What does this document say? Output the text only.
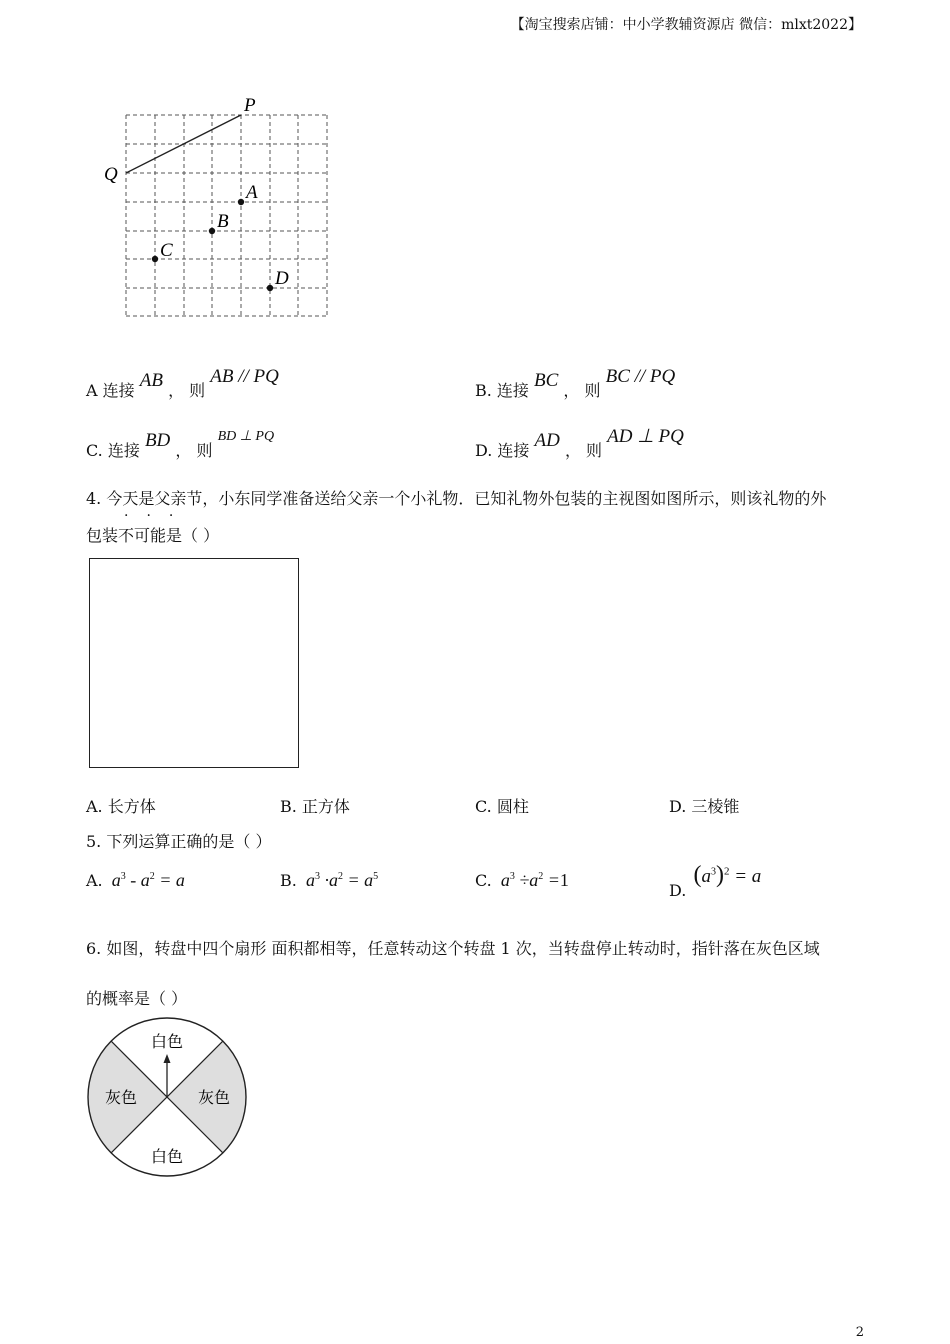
【淘宝搜索店铺：中小学教辅资源店 微信：mlxt2022】
P
Q
A
B
C
D
A 连接 AB ， 则 AB // PQ
B. 连接 BC ， 则 BC // PQ
C. 连接 BD ， 则 BD ⊥ PQ
D. 连接 AD ， 则 AD ⊥ PQ
4. 今天是父亲节，小东同学准备送给父亲一个小礼物．已知礼物外包装的主视图如图所示，则该礼物的外
···
包装不可能是（ ）
A. 长方体	B. 正方体	C. 圆柱	D. 三棱锥
5. 下列运算正确的是（ ）
A. $a^3 - a^2 = a$	B. $a^3 \cdot a^2 = a^5$	C. $a^3 \div a^2 =1$
D. $(a^3)^2 = a$
6. 如图，转盘中四个扇形 面积都相等，任意转动这个转盘 1 次，当转盘停止转动时，指针落在灰色区域
的概率是（ ）
白色
白色
灰色	灰色
2
